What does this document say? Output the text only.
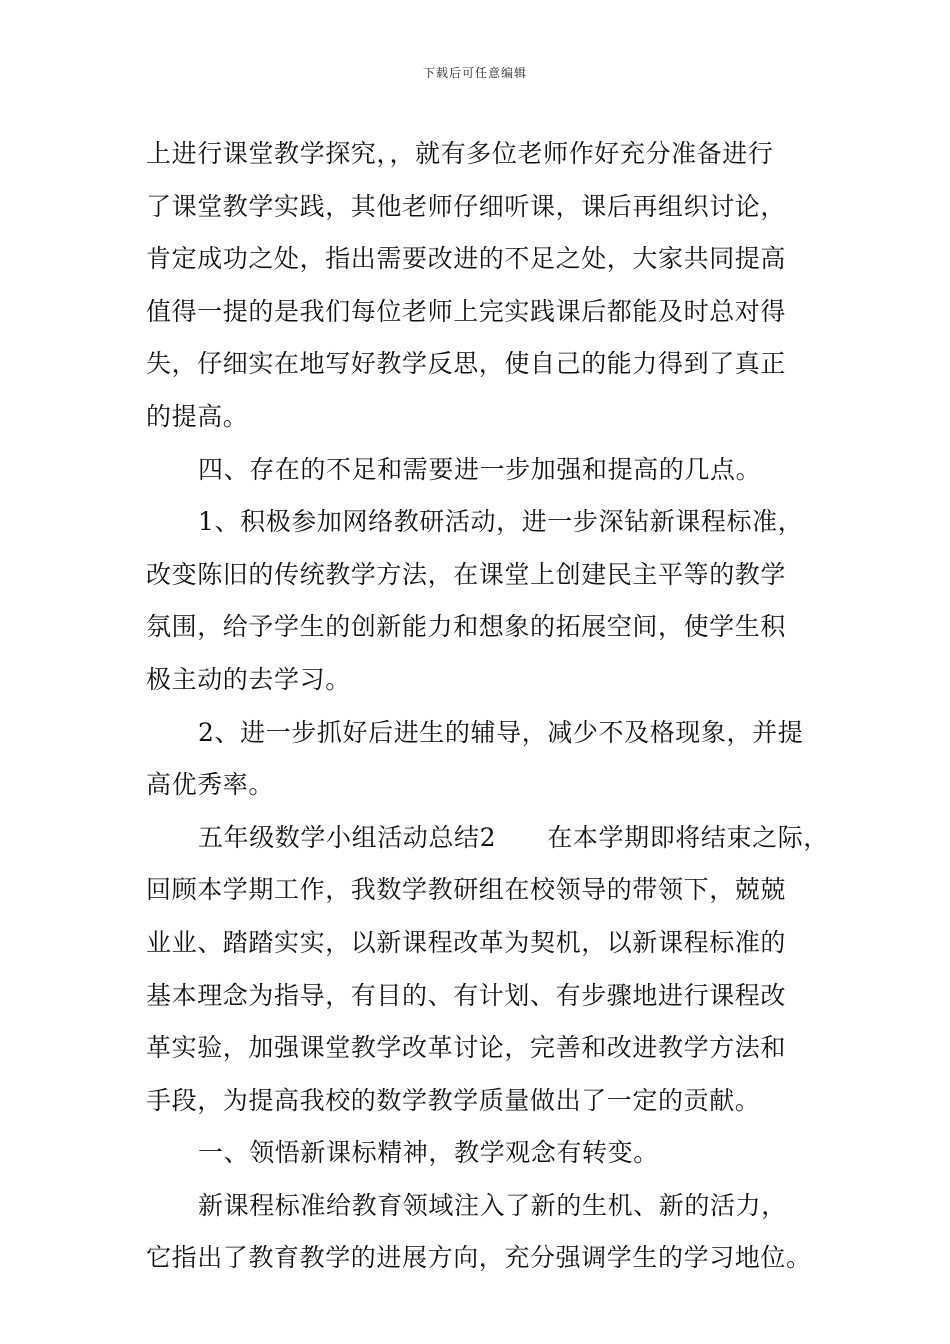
下载后可任意编辑
上进行课堂教学探究，，就有多位老师作好充分准备进行
了课堂教学实践，其他老师仔细听课，课后再组织讨论，
肯定成功之处，指出需要改进的不足之处，大家共同提高
值得一提的是我们每位老师上完实践课后都能及时总对得
失，仔细实在地写好教学反思，使自己的能力得到了真正
的提高。
四、存在的不足和需要进一步加强和提高的几点。
1、积极参加网络教研活动，进一步深钻新课程标准，
改变陈旧的传统教学方法，在课堂上创建民主平等的教学
氛围，给予学生的创新能力和想象的拓展空间，使学生积
极主动的去学习。
2、进一步抓好后进生的辅导，减少不及格现象，并提
高优秀率。
五年级数学小组活动总结2　　在本学期即将结束之际，
回顾本学期工作，我数学教研组在校领导的带领下，兢兢
业业、踏踏实实，以新课程改革为契机，以新课程标准的
基本理念为指导，有目的、有计划、有步骤地进行课程改
革实验，加强课堂教学改革讨论，完善和改进教学方法和
手段，为提高我校的数学教学质量做出了一定的贡献。
一、领悟新课标精神，教学观念有转变。
新课程标准给教育领域注入了新的生机、新的活力，
它指出了教育教学的进展方向，充分强调学生的学习地位。
